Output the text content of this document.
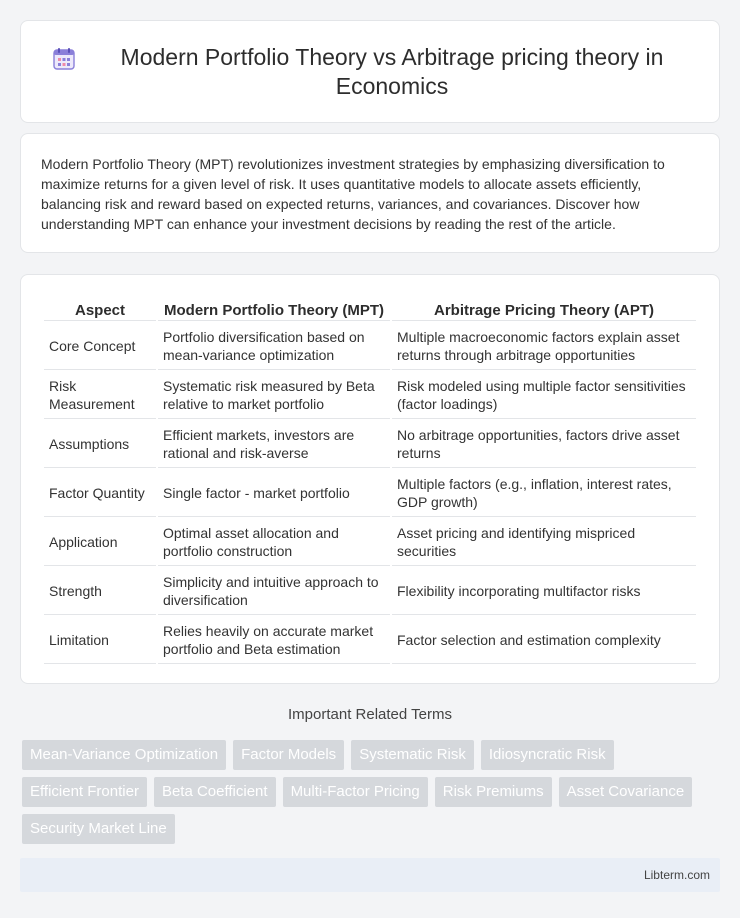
Modern Portfolio Theory vs Arbitrage pricing theory in Economics

Modern Portfolio Theory (MPT) revolutionizes investment strategies by emphasizing diversification to maximize returns for a given level of risk. It uses quantitative models to allocate assets efficiently, balancing risk and reward based on expected returns, variances, and covariances. Discover how understanding MPT can enhance your investment decisions by reading the rest of the article.

Aspect	Modern Portfolio Theory (MPT)	Arbitrage Pricing Theory (APT)
Core Concept	Portfolio diversification based on mean-variance optimization	Multiple macroeconomic factors explain asset returns through arbitrage opportunities
Risk Measurement	Systematic risk measured by Beta relative to market portfolio	Risk modeled using multiple factor sensitivities (factor loadings)
Assumptions	Efficient markets, investors are rational and risk-averse	No arbitrage opportunities, factors drive asset returns
Factor Quantity	Single factor - market portfolio	Multiple factors (e.g., inflation, interest rates, GDP growth)
Application	Optimal asset allocation and portfolio construction	Asset pricing and identifying mispriced securities
Strength	Simplicity and intuitive approach to diversification	Flexibility incorporating multifactor risks
Limitation	Relies heavily on accurate market portfolio and Beta estimation	Factor selection and estimation complexity
Important Related Terms
Mean-Variance Optimization	Factor Models	Systematic Risk	Idiosyncratic Risk
Efficient Frontier	Beta Coefficient	Multi-Factor Pricing	Risk Premiums	Asset Covariance
Security Market Line
Libterm.com
